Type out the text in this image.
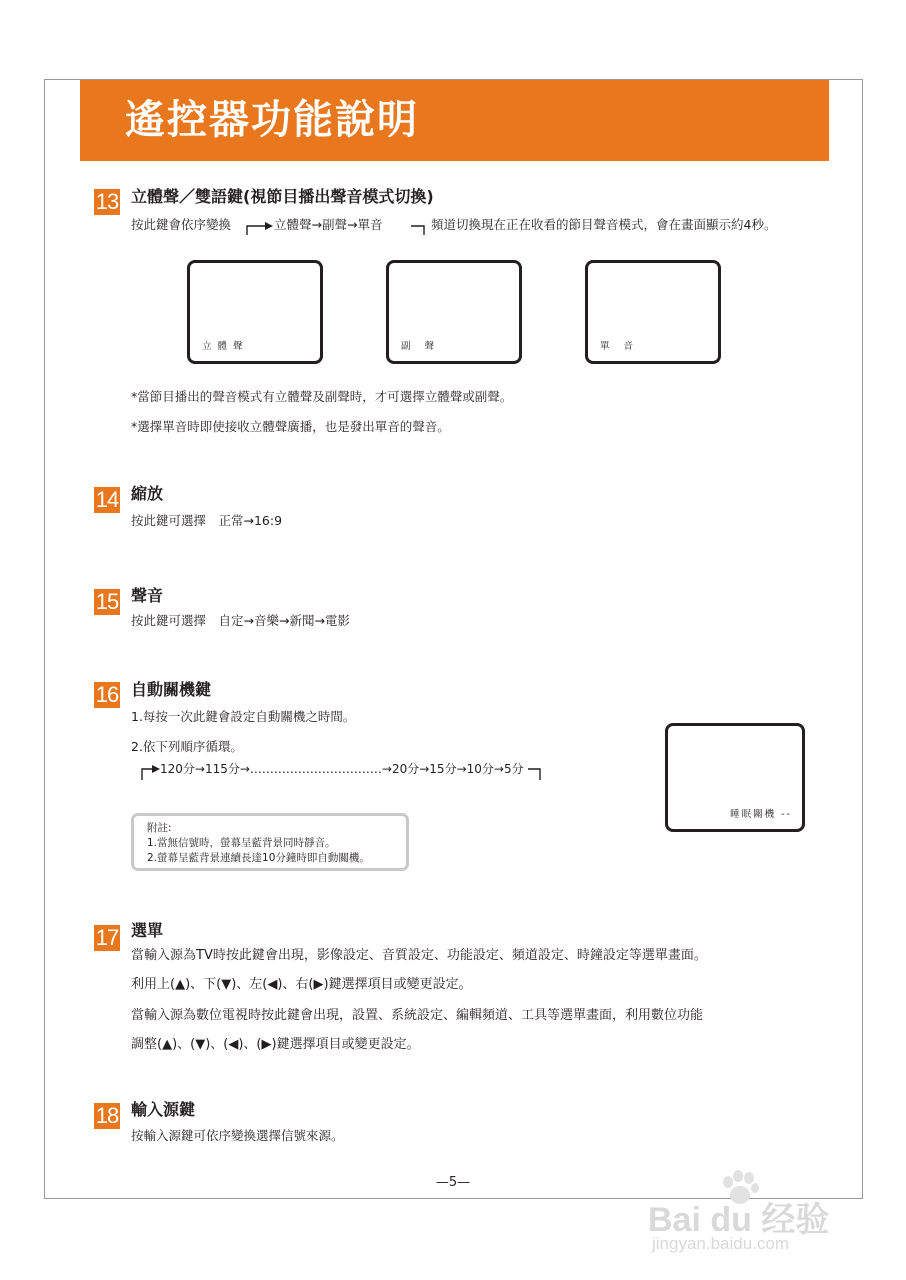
遙控器功能說明
13 立體聲／雙語鍵(視節目播出聲音模式切換)
按此鍵會依序變換	立體聲→副聲→單音	頻道切換現在正在收看的節目聲音模式，會在畫面顯示約4秒。
立體聲	副聲	單音
*當節目播出的聲音模式有立體聲及副聲時，才可選擇立體聲或副聲。
*選擇單音時即使接收立體聲廣播，也是發出單音的聲音。
14 縮放
按此鍵可選擇　正常→16:9
15 聲音
按此鍵可選擇　自定→音樂→新聞→電影
16 自動關機鍵
1.每按一次此鍵會設定自動關機之時間。
2.依下列順序循環。
120分→115分→……………………………→20分→15分→10分→5分
附註:
1.當無信號時，螢幕呈藍背景同時靜音。
2.螢幕呈藍背景連續長達10分鐘時即自動關機。
睡眠關機 --
17 選單
當輸入源為TV時按此鍵會出現，影像設定、音質設定、功能設定、頻道設定、時鐘設定等選單畫面。
利用上(▲)、下(▼)、左(◀)、右(▶)鍵選擇項目或變更設定。
當輸入源為數位電視時按此鍵會出現，設置、系統設定、編輯頻道、工具等選單畫面，利用數位功能
調整(▲)、(▼)、(◀)、(▶)鍵選擇項目或變更設定。
18 輸入源鍵
按輸入源鍵可依序變換選擇信號來源。
—5—
Bai du 经验
jingyan.baidu.com
